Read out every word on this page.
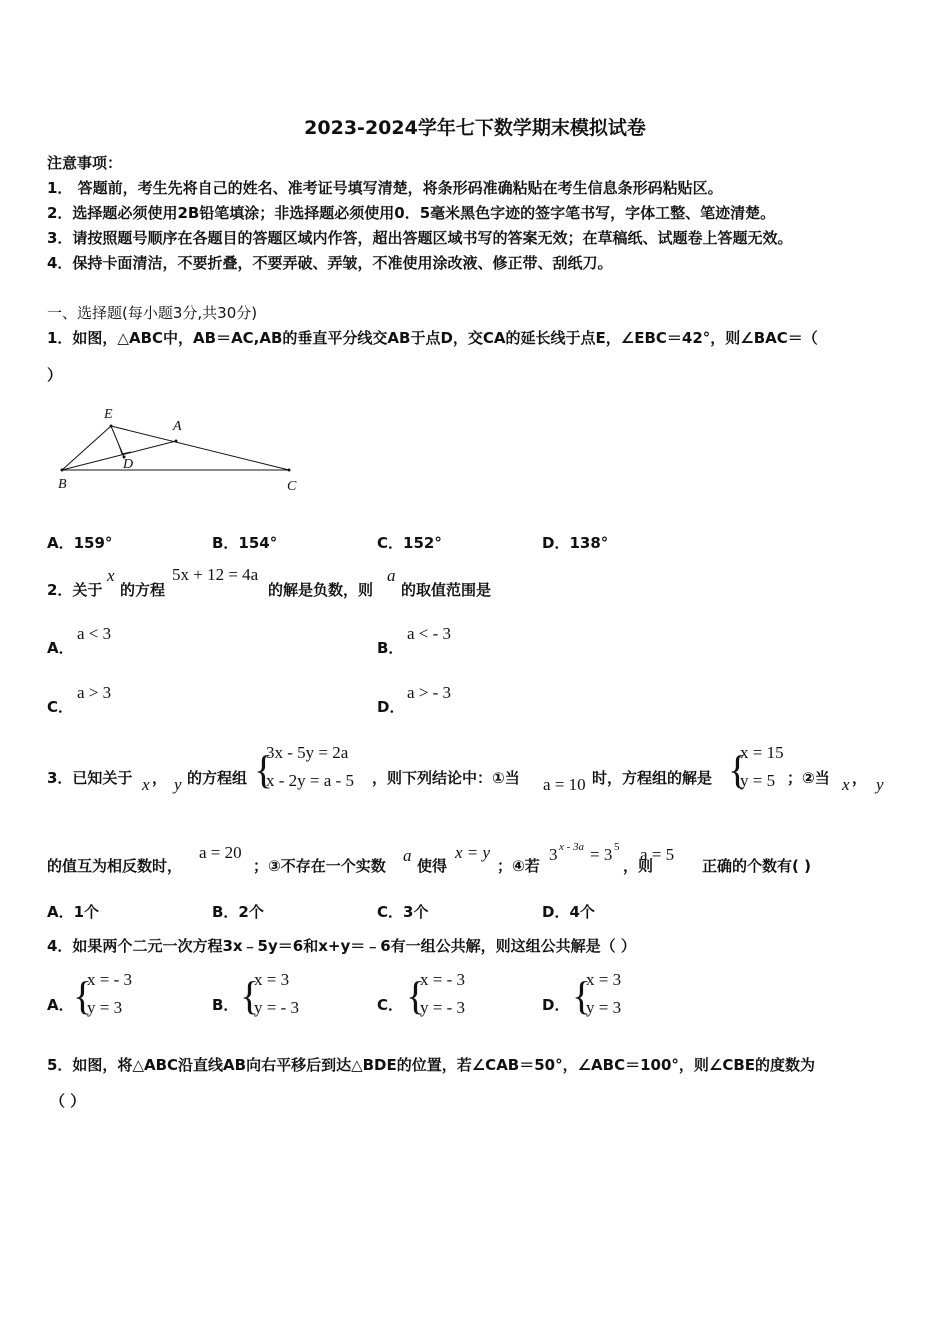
2023-2024学年七下数学期末模拟试卷
注意事项：
1． 答题前，考生先将自己的姓名、准考证号填写清楚，将条形码准确粘贴在考生信息条形码粘贴区。
2．选择题必须使用2B铅笔填涂；非选择题必须使用0．5毫米黑色字迹的签字笔书写，字体工整、笔迹清楚。
3．请按照题号顺序在各题目的答题区域内作答，超出答题区域书写的答案无效；在草稿纸、试题卷上答题无效。
4．保持卡面清洁，不要折叠，不要弄破、弄皱，不准使用涂改液、修正带、刮纸刀。
一、选择题(每小题3分,共30分)
1．如图，△ABC中，AB＝AC,AB的垂直平分线交AB于点D，交CA的延长线于点E，∠EBC＝42°，则∠BAC＝（
）
E
A
D
B	C
A．159°	B．154°	C．152°	D．138°
2．关于
x
的方程
5x + 12 = 4a
的解是负数，则
a
的取值范围是
A．
a < 3
B．
a < - 3
C．
a > 3
D．
a > - 3
3．已知关于 x ， y 的方程组 {
3x - 5y = 2a
x - 2y = a - 5 ，则下列结论中：①当 a = 10 时，方程组的解是 {
x = 15
y = 5 ；②当 x ， y
的值互为相反数时，
a = 20
；③不存在一个实数
a
使得
x = y
；④若
3 x - 3a = 3 5
，则
a = 5
正确的个数有( )
A．1个	B．2个	C．3个	D．4个
4．如果两个二元一次方程3x﹣5y＝6和x+y＝﹣6有一组公共解，则这组公共解是（ ）
A． {
x = - 3
y = 3	B． {
x = 3
y = - 3	C． {
x = - 3
y = - 3	D． {
x = 3
y = 3
5．如图，将△ABC沿直线AB向右平移后到达△BDE的位置，若∠CAB＝50°，∠ABC＝100°，则∠CBE的度数为
（ ）
